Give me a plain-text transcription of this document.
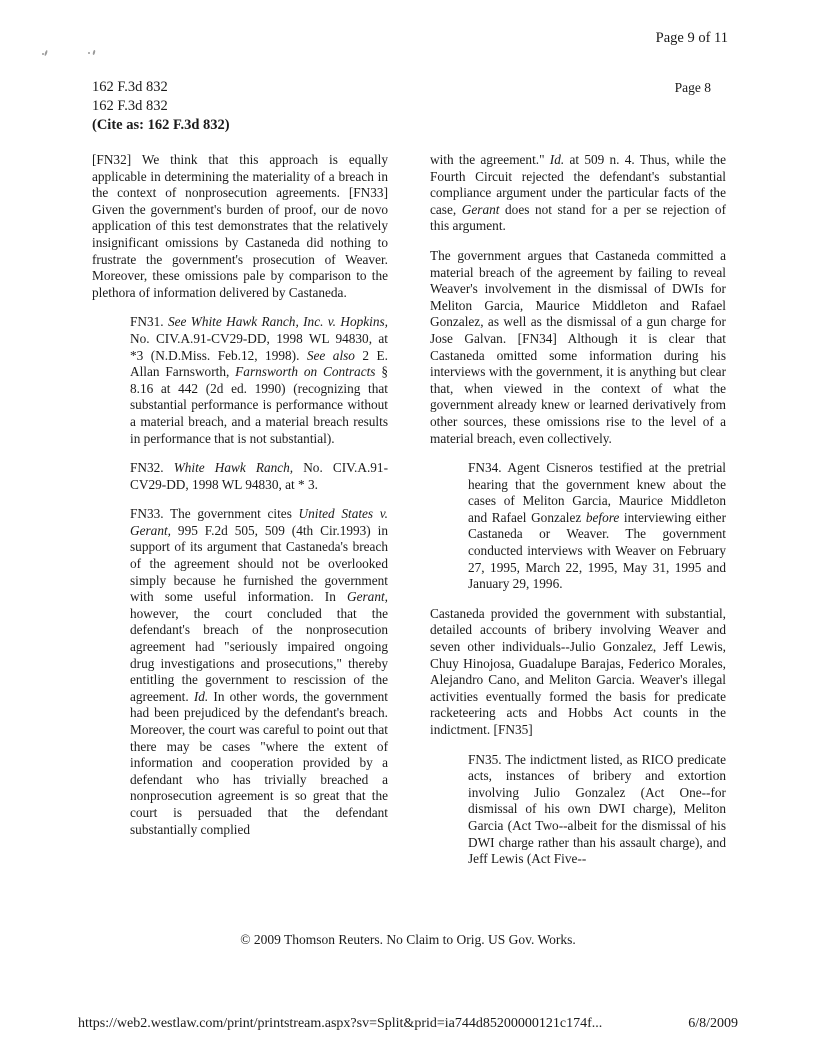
Page 9 of 11
162 F.3d 832
162 F.3d 832
(Cite as: 162 F.3d 832)
Page 8

[FN32] We think that this approach is equally applicable in determining the materiality of a breach in the context of nonprosecution agreements. [FN33] Given the government's burden of proof, our de novo application of this test demonstrates that the relatively insignificant omissions by Castaneda did nothing to frustrate the government's prosecution of Weaver. Moreover, these omissions pale by comparison to the plethora of information delivered by Castaneda.

FN31. See White Hawk Ranch, Inc. v. Hopkins, No. CIV.A.91-CV29-DD, 1998 WL 94830, at *3 (N.D.Miss. Feb.12, 1998). See also 2 E. Allan Farnsworth, Farnsworth on Contracts § 8.16 at 442 (2d ed. 1990) (recognizing that substantial performance is performance without a material breach, and a material breach results in performance that is not substantial).

FN32. White Hawk Ranch, No. CIV.A.91-CV29-DD, 1998 WL 94830, at * 3.

FN33. The government cites United States v. Gerant, 995 F.2d 505, 509 (4th Cir.1993) in support of its argument that Castaneda's breach of the agreement should not be overlooked simply because he furnished the government with some useful information. In Gerant, however, the court concluded that the defendant's breach of the nonprosecution agreement had "seriously impaired ongoing drug investigations and prosecutions," thereby entitling the government to rescission of the agreement. Id. In other words, the government had been prejudiced by the defendant's breach. Moreover, the court was careful to point out that there may be cases "where the extent of information and cooperation provided by a defendant who has trivially breached a nonprosecution agreement is so great that the court is persuaded that the defendant substantially complied

with the agreement." Id. at 509 n. 4. Thus, while the Fourth Circuit rejected the defendant's substantial compliance argument under the particular facts of the case, Gerant does not stand for a per se rejection of this argument.

The government argues that Castaneda committed a material breach of the agreement by failing to reveal Weaver's involvement in the dismissal of DWIs for Meliton Garcia, Maurice Middleton and Rafael Gonzalez, as well as the dismissal of a gun charge for Jose Galvan. [FN34] Although it is clear that Castaneda omitted some information during his interviews with the government, it is anything but clear that, when viewed in the context of what the government already knew or learned derivatively from other sources, these omissions rise to the level of a material breach, even collectively.

FN34. Agent Cisneros testified at the pretrial hearing that the government knew about the cases of Meliton Garcia, Maurice Middleton and Rafael Gonzalez before interviewing either Castaneda or Weaver. The government conducted interviews with Weaver on February 27, 1995, March 22, 1995, May 31, 1995 and January 29, 1996.

Castaneda provided the government with substantial, detailed accounts of bribery involving Weaver and seven other individuals--Julio Gonzalez, Jeff Lewis, Chuy Hinojosa, Guadalupe Barajas, Federico Morales, Alejandro Cano, and Meliton Garcia. Weaver's illegal activities eventually formed the basis for predicate racketeering acts and Hobbs Act counts in the indictment. [FN35]

FN35. The indictment listed, as RICO predicate acts, instances of bribery and extortion involving Julio Gonzalez (Act One--for dismissal of his own DWI charge), Meliton Garcia (Act Two--albeit for the dismissal of his DWI charge rather than his assault charge), and Jeff Lewis (Act Five--

© 2009 Thomson Reuters. No Claim to Orig. US Gov. Works.
https://web2.westlaw.com/print/printstream.aspx?sv=Split&prid=ia744d85200000121c174f...	6/8/2009
